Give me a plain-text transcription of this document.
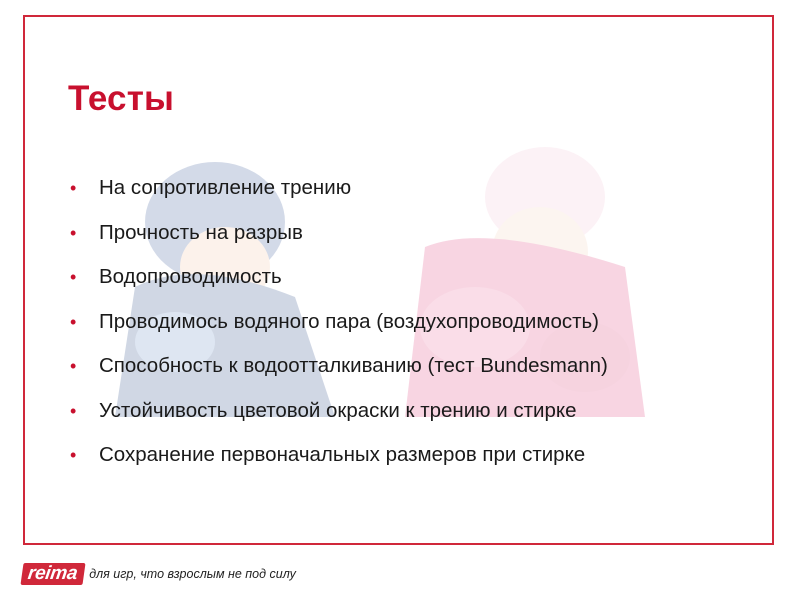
Тесты
• На сопротивление трению
• Прочность на разрыв
• Водопроводимость
• Проводимось водяного пара (воздухопроводимость)
• Способность к водоотталкиванию (тест Bundesmann)
• Устойчивость цветовой окраски к трению и стирке
• Сохранение первоначальных размеров при стирке
reima для игр, что взрослым не под силу
